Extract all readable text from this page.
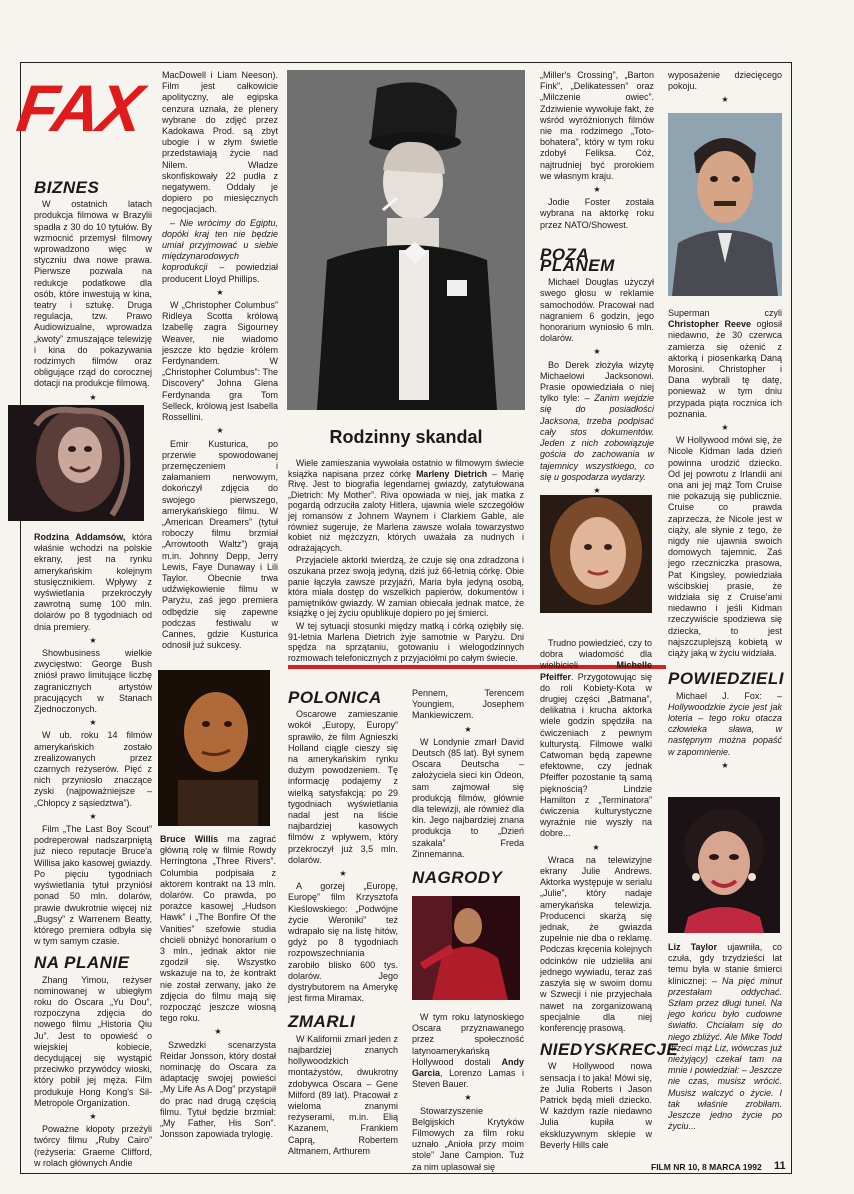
FAX
BIZNES

W ostatnich latach produkcja filmowa w Brazylii spadła z 30 do 10 tytułów. By wzmocnić przemysł filmowy wprowadzono więc w styczniu dwa nowe prawa. Pierwsze pozwala na redukcje podatkowe dla osób, które inwestują w kina, teatry i sztukę. Druga regulacja, tzw. Prawo Audiowizualne, wprowadza „kwoty” zmuszające telewizję i kina do pokazywania rodzimych filmów oraz obligujące rząd do corocznej dotacji na produkcje filmową.

★

Rodzina Addamsów, która właśnie wchodzi na polskie ekrany, jest na rynku amerykańskim kolejnym stusięcznikiem. Wpływy z wyświetlania przekroczyły zawrotną sumę 100 mln. dolarów po 8 tygodniach od dnia premiery.

★

Showbusiness wielkie zwycięstwo: George Bush zniósł prawo limitujące liczbę zagranicznych artystów pracujących w Stanach Zjednoczonych.

★

W ub. roku 14 filmów amerykańskich zostało zrealizowanych przez czarnych reżyserów. Pięć z nich przyniosło znaczące zyski (najpoważniejsze – „Chłopcy z sąsiedztwa”).

★

Film „The Last Boy Scout” podreperował nadszarpniętą już nieco reputacje Bruce'a Willisa jako kasowej gwiazdy. Po pięciu tygodniach wyświetlania tytuł przyniósł ponad 50 mln. dolarów, prawie dwukrotnie więcej niż „Bugsy” z Warrenem Beatty, którego premiera odbyła się w tym samym czasie.

NA PLANIE

Zhang Yimou, reżyser nominowanej w ubiegłym roku do Oscara „Yu Dou”, rozpoczyna zdjęcia do nowego filmu „Historia Qiu Ju”. Jest to opowieść o wiejskiej kobiecie, decydującej się wystąpić przeciwko przywódcy wioski, który pobił jej męża. Film produkuje Hong Kong's Sil-Metropole Organization.

★

Poważne kłopoty przeżyli twórcy filmu „Ruby Cairo” (reżyseria: Graeme Clifford, w rolach głównych Andie

MacDowell i Liam Neeson). Film jest całkowicie apolityczny, ale egipska cenzura uznała, że plenery wybrane do zdjęć przez Kadokawa Prod. są zbyt ubogie i w złym świetle przedstawiają życie nad Nilem. Władze skonfiskowały 22 pudła z negatywem. Oddały je dopiero po miesięcznych negocjacjach.

– Nie wrócimy do Egiptu, dopóki kraj ten nie będzie umiał przyjmować u siebie międzynarodowych koprodukcji – powiedział producent Lloyd Phillips.

★

W „Christopher Columbus” Ridleya Scotta królową Izabellę zagra Sigourney Weaver, nie wiadomo jeszcze kto będzie królem Ferdynandem. W „Christopher Columbus”: The Discovery” Johna Glena Ferdynanda gra Tom Selleck, królową jest Isabella Rossellini.

★

Emir Kusturica, po przerwie spowodowanej przemęczeniem i załamaniem nerwowym, dokończył zdjęcia do swojego pierwszego, amerykańskiego filmu. W „American Dreamers” (tytuł roboczy filmu brzmiał „Arrowtooth Waltz”) grają m.in. Johnny Depp, Jerry Lewis, Faye Dunaway i Lili Taylor. Obecnie trwa udźwiękowienie filmu w Paryżu, zaś jego premiera odbędzie się zapewne podczas festiwalu w Cannes, gdzie Kusturica odnosił już sukcesy.

Bruce Willis ma zagrać główną rolę w filmie Rowdy Herringtona „Three Rivers”. Columbia podpisała z aktorem kontrakt na 13 mln. dolarów. Co prawda, po porażce kasowej „Hudson Hawk” i „The Bonfire Of the Vanities” szefowie studia chcieli obniżyć honorarium o 3 mln., jednak aktor nie zgodził się. Wszystko wskazuje na to, że kontrakt nie został zerwany, jako że zdjęcia do filmu mają się rozpocząć jeszcze wiosną tego roku.

★

Szwedzki scenarzysta Reidar Jonsson, który dostał nominację do Oscara za adaptację swojej powieści „My Life As A Dog” przystąpił do prac nad drugą częścią filmu. Tytuł będzie brzmiał: „My Father, His Son”. Jonsson zapowiada trylogię.

Rodzinny skandal

Wiele zamieszania wywołała ostatnio w filmowym świecie książka napisana przez córkę Marleny Dietrich – Marię Rivę. Jest to biografia legendarnej gwiazdy, zatytułowana „Dietrich: My Mother”. Riva opowiada w niej, jak matka z pogardą odrzuciła zaloty Hitlera, ujawnia wiele szczegółów jej romansów z Johnem Waynem i Clarkiem Gable, ale również sugeruje, że Marlena zawsze wolała towarzystwo kobiet niż mężczyzn, których uważała za nudnych i odrażających.

Przyjaciele aktorki twierdzą, że czuje się ona zdradzona i oszukana przez swoją jedyną, dziś już 66-letnią córkę. Obie panie łączyła zawsze przyjaźń, Maria była jedyną osobą, która miała dostęp do wszelkich papierów, dokumentów i pamiętników gwiazdy. W zamian obiecała jednak matce, że książkę o jej życiu opublikuje dopiero po jej śmierci.

W tej sytuacji stosunki między matką i córką oziębiły się. 91-letnia Marlena Dietrich żyje samotnie w Paryżu. Dni spędza na sprzątaniu, gotowaniu i wielogodzinnych rozmowach telefonicznych z przyjaciółmi po całym świecie.

POLONICA

Oscarowe zamieszanie wokół „Europy, Europy” sprawiło, że film Agnieszki Holland ciągle cieszy się na amerykańskim rynku dużym powodzeniem. Tę informację podajemy z wielką satysfakcją: po 29 tygodniach wyświetlania nadal jest na liście najbardziej kasowych filmów z wpływem, który przekroczył już 3,5 mln. dolarów.

★

A gorzej „Europę, Europę” film Krzysztofa Kieślowskiego: „Podwójne życie Weroniki” też wdrapało się na listę hitów, gdyż po 8 tygodniach rozpowszechniania zarobiło blisko 600 tys. dolarów. Jego dystrybutorem na Amerykę jest firma Miramax.

ZMARLI

W Kalifornii zmarł jeden z najbardziej znanych hollywoodzkich montażystów, dwukrotny zdobywca Oscara – Gene Milford (89 lat). Pracował z wieloma znanymi reżyserami, m.in. Elią Kazanem, Frankiem Caprą, Robertem Altmanem, Arthurem

Pennem, Terencem Youngiem, Josephem Mankiewiczem.

★

W Londynie zmarł David Deutsch (85 lat). Był synem Oscara Deutscha – założyciela sieci kin Odeon, sam zajmował się produkcją filmów, głównie dla telewizji, ale również dla kin. Jego najbardziej znana produkcja to „Dzień szakala” Freda Zinnemanna.

NAGRODY

W tym roku latynoskiego Oscara przyznawanego przez społeczność latynoamerykańską Hollywood dostali Andy Garcia, Lorenzo Lamas i Steven Bauer.

★

Stowarzyszenie Belgijskich Krytyków Filmowych za film roku uznało „Anioła przy moim stole” Jane Campion. Tuż za nim uplasował się

„Miller's Crossing”, „Barton Fink”, „Delikatessen” oraz „Milczenie owiec”. Zdziwienie wywołuje fakt, że wśród wyróżnionych filmów nie ma rodzimego „Toto-bohatera”, który w tym roku zdobył Feliksa. Cóż, najtrudniej być prorokiem we własnym kraju.

★

Jodie Foster została wybrana na aktorkę roku przez NATO/Showest.

POZA PLANEM

Michael Douglas użyczył swego głosu w reklamie samochodów. Pracował nad nagraniem 6 godzin, jego honorarium wyniosło 6 mln. dolarów.

★

Bo Derek złożyła wizytę Michaelowi Jacksonowi. Prasie opowiedziała o niej tylko tyle: – Zanim wejdzie się do posiadłości Jacksona, trzeba podpisać cały stos dokumentów. Jeden z nich zobowiązuje gościa do zachowania w tajemnicy wszystkiego, co się u gospodarza wydarzy.

★

Trudno powiedzieć, czy to dobra wiadomość dla wielbicieli Michelle Pfeiffer. Przygotowując się do roli Kobiety-Kota w drugiej części „Batmana”, delikatna i krucha aktorka wiele godzin spędziła na ćwiczeniach z pewnym kulturystą. Filmowe walki Catwoman będą zapewne efektowne, czy jednak Pfeiffer pozostanie tą samą pięknością? Lindzie Hamilton z „Terminatora” ćwiczenia kulturystyczne wyraźnie nie wyszły na dobre...

★

Wraca na telewizyjne ekrany Julie Andrews. Aktorka występuje w serialu „Julie”, który nadaje amerykańska telewizja. Producenci skarżą się jednak, że gwiazda zupełnie nie dba o reklamę. Podczas kręcenia kolejnych odcinków nie udzieliła ani jednego wywiadu, teraz zaś zaszyła się w swoim domu w Szwecji i nie przyjechała nawet na zorganizowaną specjalnie dla niej konferencję prasową.

NIEDYSKRECJE

W Hollywood nowa sensacja i to jaka! Mówi się, że Julia Roberts i Jason Patrick będą mieli dziecko. W każdym razie niedawno Julia kupiła w ekskluzywnym sklepie w Beverly Hills całe

wyposażenie dziecięcego pokoju.

★

Superman czyli Christopher Reeve ogłosił niedawno, że 30 czerwca zamierza się ożenić z aktorką i piosenkarką Daną Morosini. Christopher i Dana wybrali tę datę, ponieważ w tym dniu przypada piąta rocznica ich poznania.

★

W Hollywood mówi się, że Nicole Kidman lada dzień powinna urodzić dziecko. Od jej powrotu z Irlandii ani ona ani jej mąż Tom Cruise nie pokazują się publicznie. Cruise co prawda zaprzecza, że Nicole jest w ciąży, ale słynie z tego, że nigdy nie ujawnia swoich domowych tajemnic. Zaś jego rzeczniczka prasowa, Pat Kingsley, powiedziała wścibskiej prasie, że widziała się z Cruise'ami niedawno i jeśli Kidman rzeczywiście spodziewa się dziecka, to jest najszczuplejszą kobietą w ciąży jaką w życiu widziała.

POWIEDZIELI

Michael J. Fox: – Hollywoodzkie życie jest jak loteria – tego roku otacza człowieka sława, w następnym można popaść w zapomnienie.

★

Liz Taylor ujawniła, co czuła, gdy trzydzieści lat temu była w stanie śmierci klinicznej: – Na pięć minut przestałam oddychać. Szłam przez długi tunel. Na jego końcu było cudowne światło. Chciałam się do niego zbliżyć. Ale Mike Todd (trzeci mąż Liz, wówczas już nieżyjący) czekał tam na mnie i powiedział: – Jeszcze nie czas, musisz wrócić. Musisz walczyć o życie. I tak właśnie zrobiłam. Jeszcze jedno życie po życiu...

FILM NR 10, 8 MARCA 1992 11
